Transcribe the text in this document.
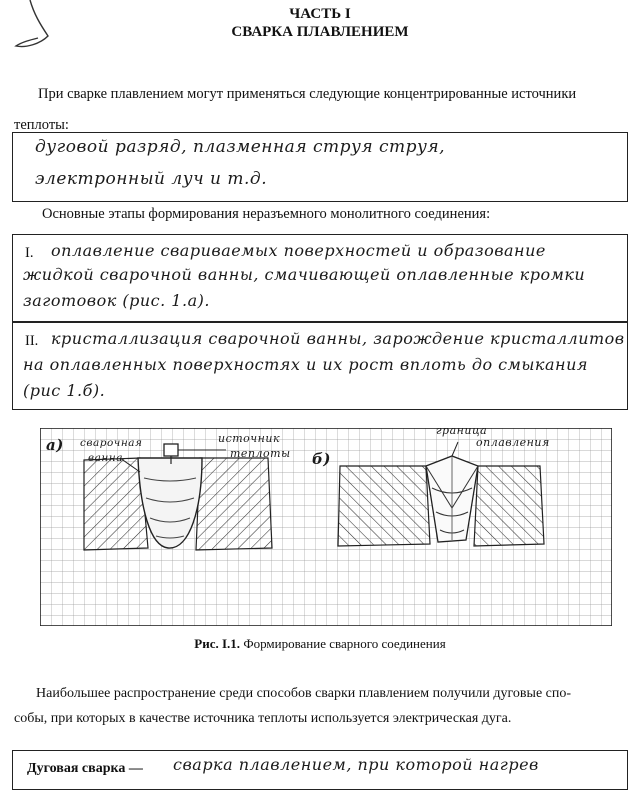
ЧАСТЬ I
СВАРКА ПЛАВЛЕНИЕМ
При сварке плавлением могут применяться следующие концентрированные источники
теплоты:
дуговой разряд, плазменная струя струя,
электронный луч и т.д.
Основные этапы формирования неразъемного монолитного соединения:
I. оплавление свариваемых поверхностей и образование
жидкой сварочной ванны, смачивающей оплавленные кромки
заготовок (рис. 1.а).
II. кристаллизация сварочной ванны, зарождение кристаллитов
на оплавленных поверхностях и их рост вплоть до смыкания
(рис 1.б).
а)
б)
сварочная
ванна
источник
теплоты
граница
оплавления
Рис. I.1. Формирование сварного соединения
Наибольшее распространение среди способов сварки плавлением получили дуговые спо-
собы, при которых в качестве источника теплоты используется электрическая дуга.
Дуговая сварка — сварка плавлением, при которой нагрев
